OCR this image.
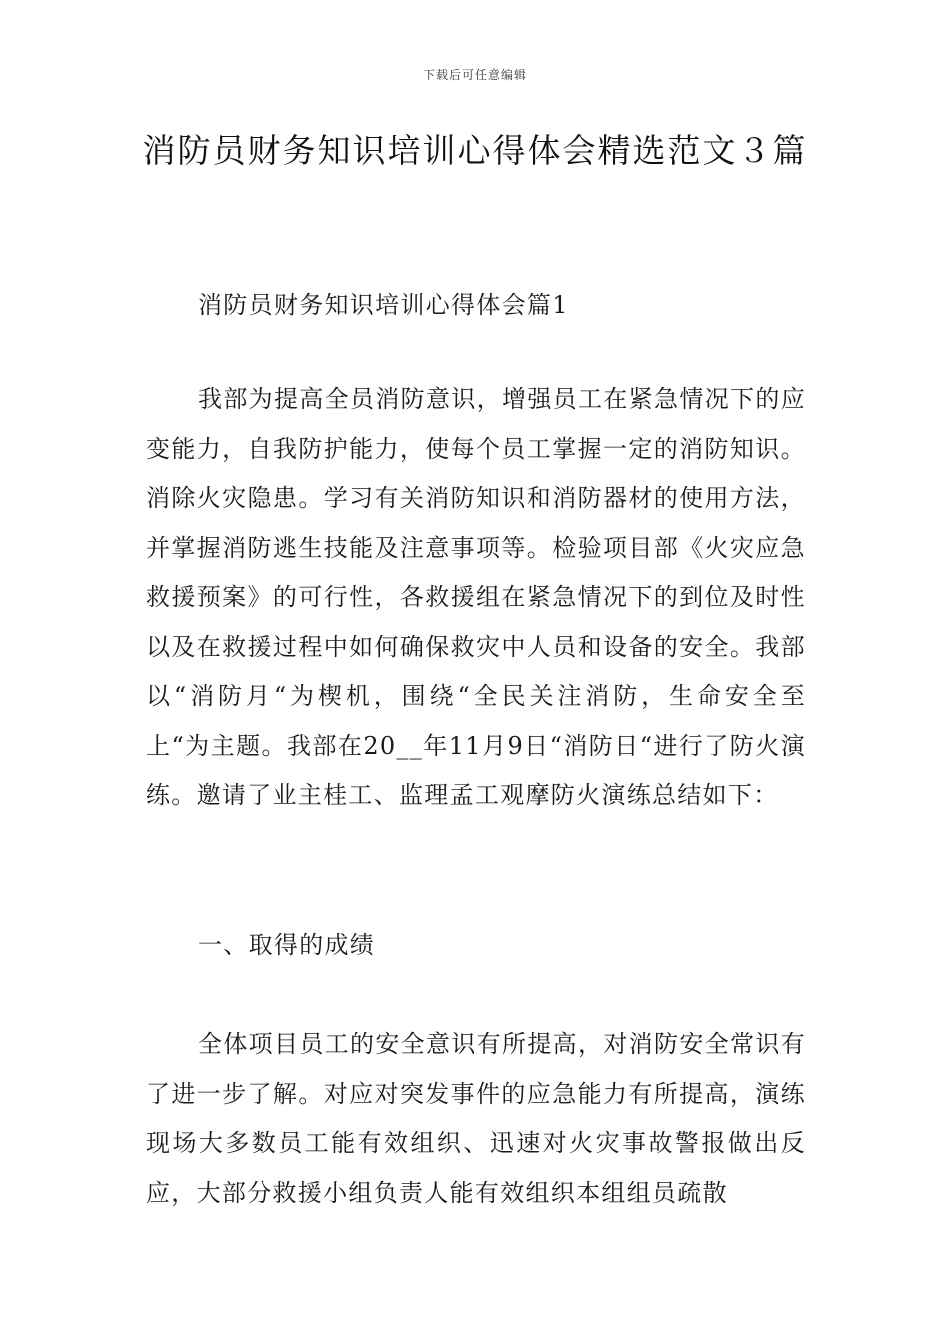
下载后可任意编辑
消防员财务知识培训心得体会精选范文３篇

消防员财务知识培训心得体会篇1

我部为提高全员消防意识，增强员工在紧急情况下的应变能力，自我防护能力，使每个员工掌握一定的消防知识。消除火灾隐患。学习有关消防知识和消防器材的使用方法，并掌握消防逃生技能及注意事项等。检验项目部《火灾应急救援预案》的可行性，各救援组在紧急情况下的到位及时性以及在救援过程中如何确保救灾中人员和设备的安全。我部以“消防月“为楔机，围绕“全民关注消防，生命安全至上“为主题。我部在20__年11月9日“消防日“进行了防火演练。邀请了业主桂工、监理孟工观摩防火演练总结如下：

一、取得的成绩

全体项目员工的安全意识有所提高，对消防安全常识有了进一步了解。对应对突发事件的应急能力有所提高，演练现场大多数员工能有效组织、迅速对火灾事故警报做出反应，大部分救援小组负责人能有效组织本组组员疏散
